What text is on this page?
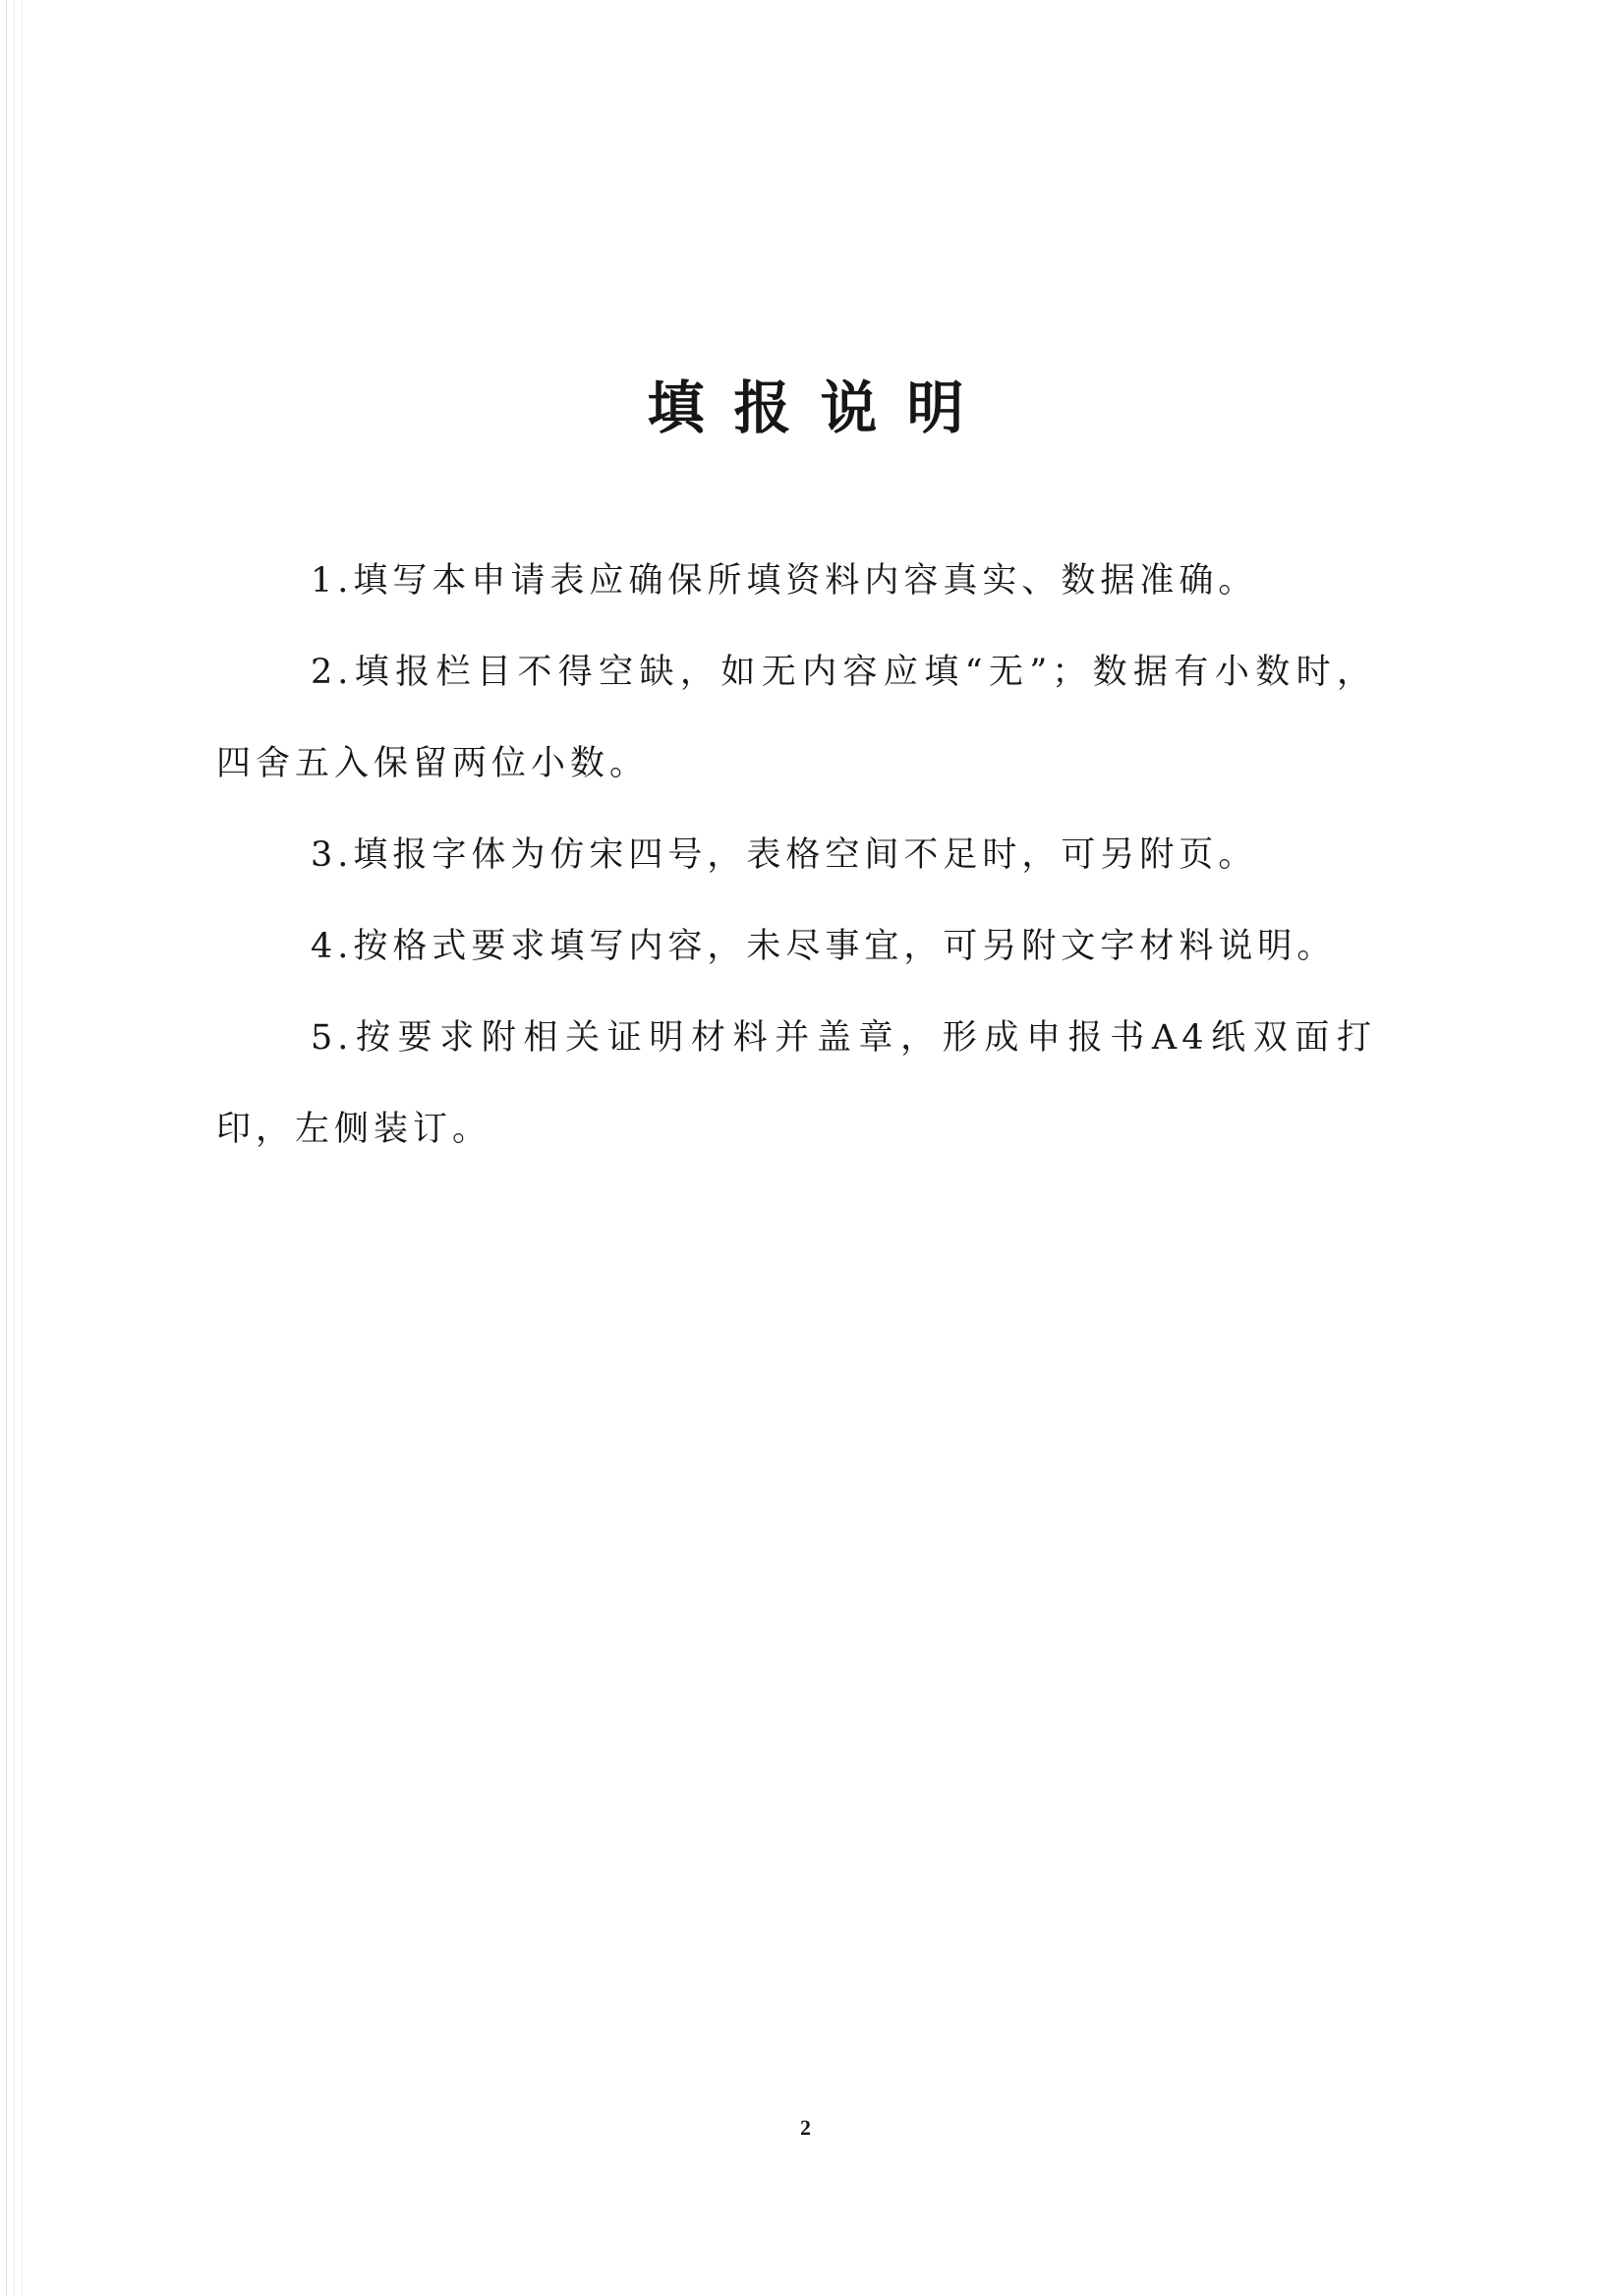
填报说明

1.填写本申请表应确保所填资料内容真实、数据准确。

2.填报栏目不得空缺，如无内容应填“无”；数据有小数时，四舍五入保留两位小数。

3.填报字体为仿宋四号，表格空间不足时，可另附页。

4.按格式要求填写内容，未尽事宜，可另附文字材料说明。

5.按要求附相关证明材料并盖章，形成申报书A4纸双面打印，左侧装订。

2
